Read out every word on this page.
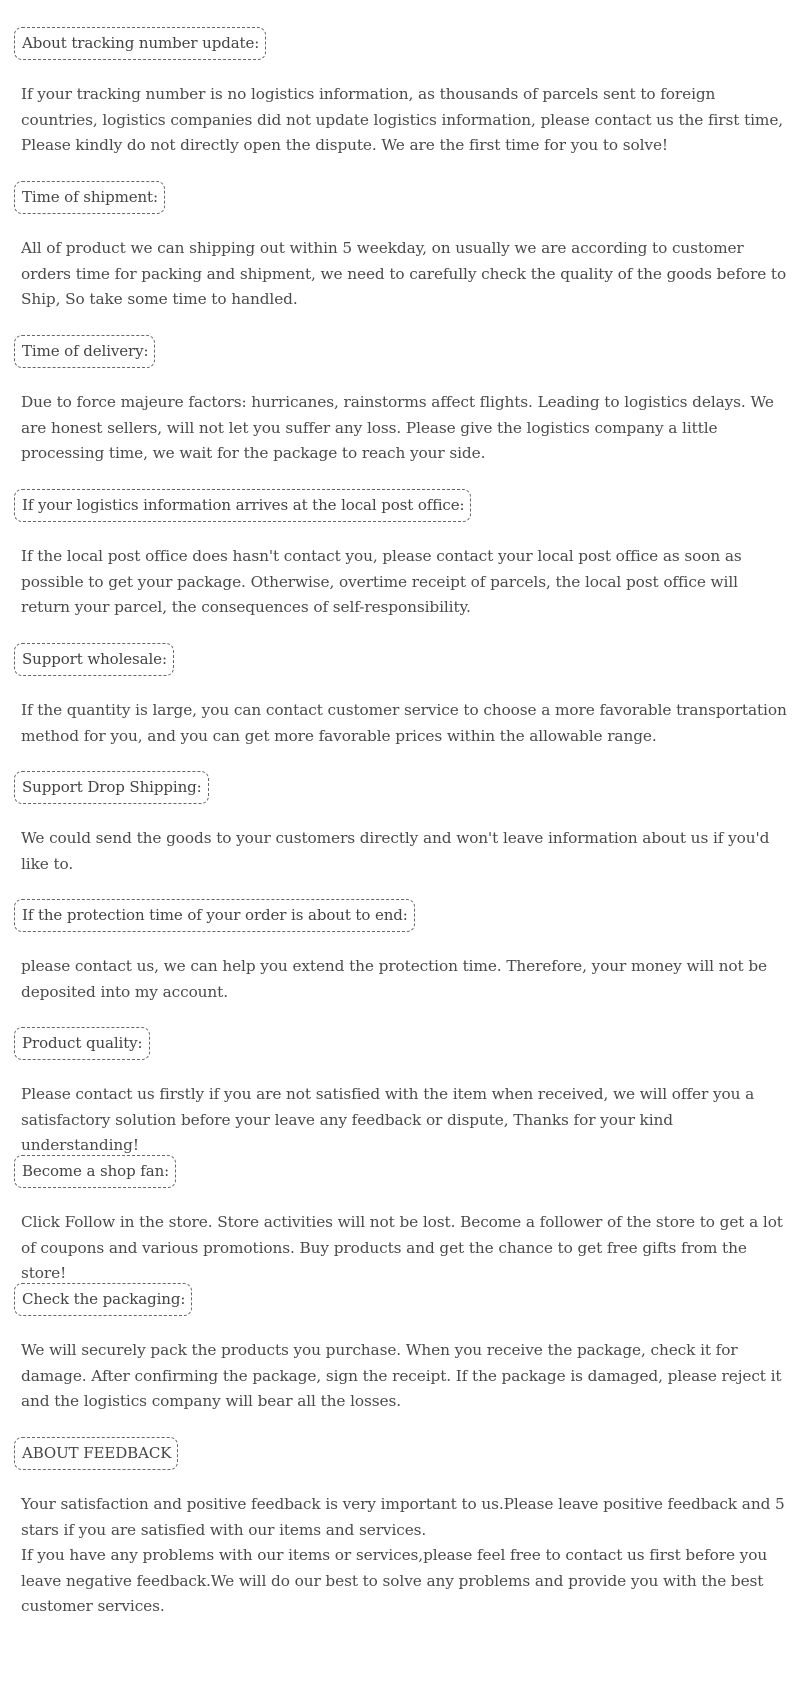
About tracking number update:

If your tracking number is no logistics information, as thousands of parcels sent to foreign countries, logistics companies did not update logistics information, please contact us the first time, Please kindly do not directly open the dispute. We are the first time for you to solve!

Time of shipment:

All of product we can shipping out within 5 weekday, on usually we are according to customer orders time for packing and shipment, we need to carefully check the quality of the goods before to Ship, So take some time to handled.

Time of delivery:

Due to force majeure factors: hurricanes, rainstorms affect flights. Leading to logistics delays. We are honest sellers, will not let you suffer any loss. Please give the logistics company a little processing time, we wait for the package to reach your side.

If your logistics information arrives at the local post office:

If the local post office does hasn't contact you, please contact your local post office as soon as possible to get your package. Otherwise, overtime receipt of parcels, the local post office will return your parcel, the consequences of self-responsibility.

Support wholesale:

If the quantity is large, you can contact customer service to choose a more favorable transportation method for you, and you can get more favorable prices within the allowable range.

Support Drop Shipping:

We could send the goods to your customers directly and won't leave information about us if you'd like to.

If the protection time of your order is about to end:

please contact us, we can help you extend the protection time. Therefore, your money will not be deposited into my account.

Product quality:

Please contact us firstly if you are not satisfied with the item when received, we will offer you a satisfactory solution before your leave any feedback or dispute, Thanks for your kind understanding!

Become a shop fan:

Click Follow in the store. Store activities will not be lost. Become a follower of the store to get a lot of coupons and various promotions. Buy products and get the chance to get free gifts from the store!

Check the packaging:

We will securely pack the products you purchase. When you receive the package, check it for damage. After confirming the package, sign the receipt. If the package is damaged, please reject it and the logistics company will bear all the losses.

ABOUT FEEDBACK

Your satisfaction and positive feedback is very important to us.Please leave positive feedback and 5 stars if you are satisfied with our items and services.

If you have any problems with our items or services,please feel free to contact us first before you leave negative feedback.We will do our best to solve any problems and provide you with the best customer services.
